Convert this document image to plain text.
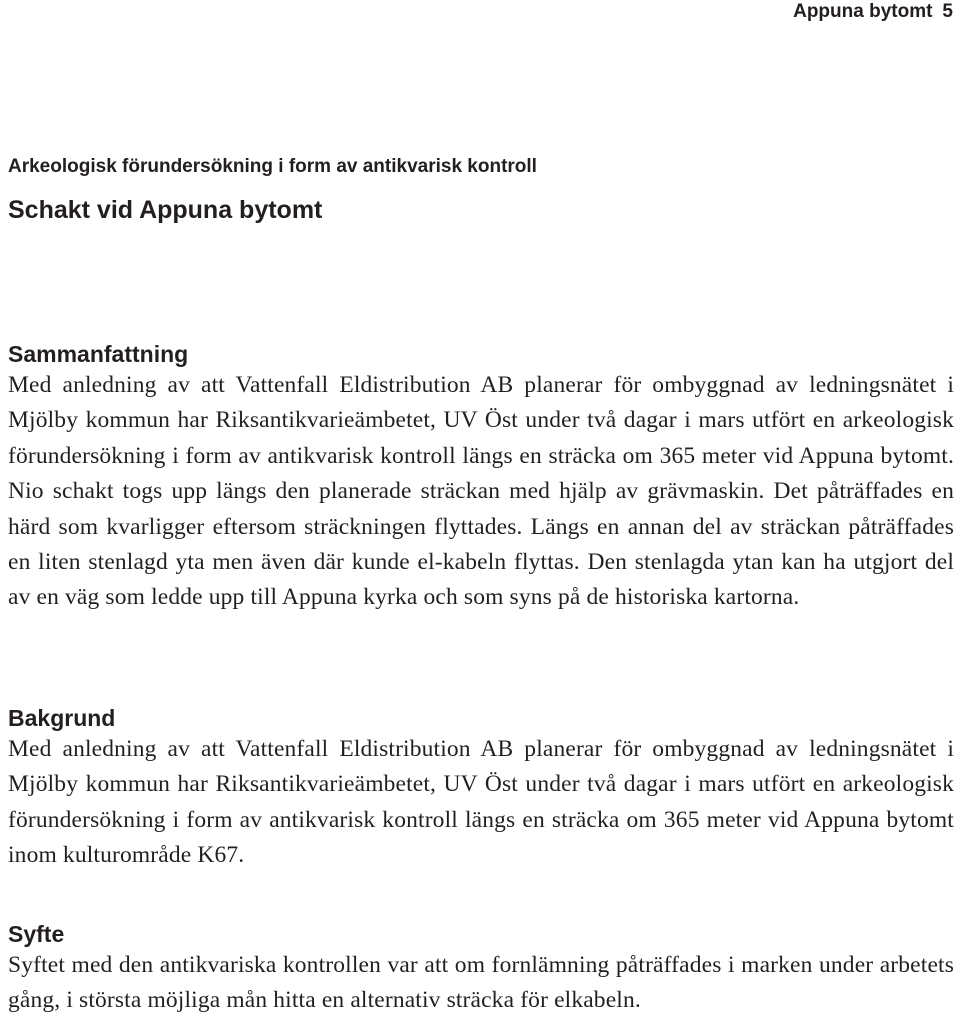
Appuna bytomt 5
Arkeologisk förundersökning i form av antikvarisk kontroll
Schakt vid Appuna bytomt
Sammanfattning

Med anledning av att Vattenfall Eldistribution AB planerar för ombyggnad av ledningsnätet i Mjölby kommun har Riksantikvarieämbetet, UV Öst under två dagar i mars utfört en arkeologisk förundersökning i form av antikvarisk kontroll längs en sträcka om 365 meter vid Appuna bytomt. Nio schakt togs upp längs den planerade sträckan med hjälp av grävmaskin. Det påträffades en härd som kvarligger eftersom sträckningen flyttades. Längs en annan del av sträckan påträffades en liten stenlagd yta men även där kunde el-kabeln flyttas. Den stenlagda ytan kan ha utgjort del av en väg som ledde upp till Appuna kyrka och som syns på de historiska kartorna.

Bakgrund

Med anledning av att Vattenfall Eldistribution AB planerar för ombyggnad av ledningsnätet i Mjölby kommun har Riksantikvarieämbetet, UV Öst under två dagar i mars utfört en arkeologisk förundersökning i form av antikvarisk kontroll längs en sträcka om 365 meter vid Appuna bytomt inom kulturområde K67.

Syfte

Syftet med den antikvariska kontrollen var att om fornlämning påträffades i marken under arbetets gång, i största möjliga mån hitta en alternativ sträcka för elkabeln.
